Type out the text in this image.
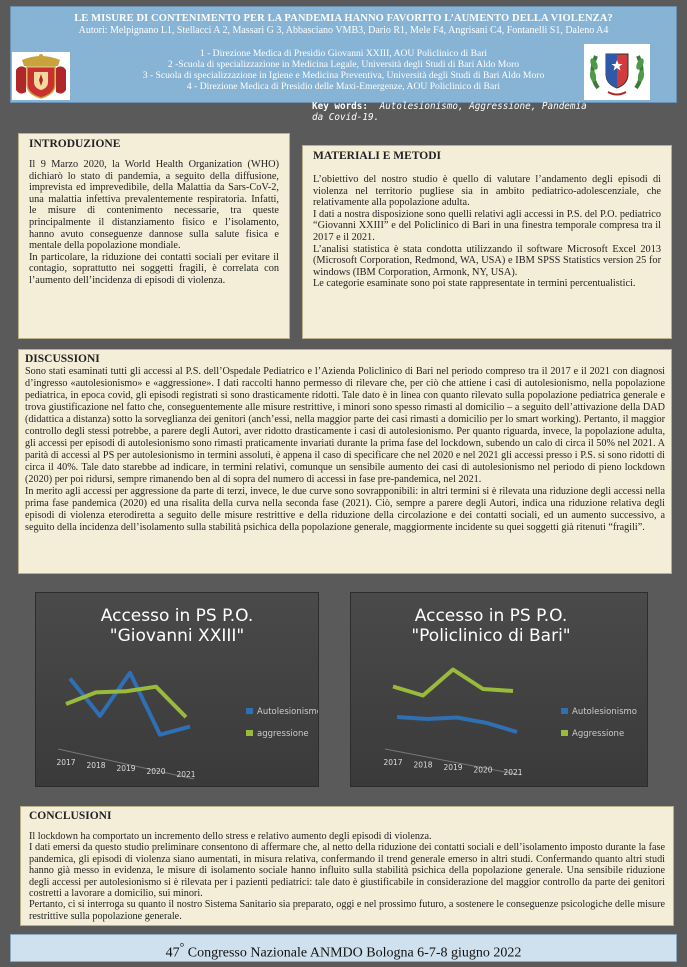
LE MISURE DI CONTENIMENTO PER LA PANDEMIA HANNO FAVORITO L’AUMENTO DELLA VIOLENZA?
Autori: Melpignano L1, Stellacci A 2, Massari G 3, Abbasciano VMB3, Dario R1, Mele F4, Angrisani C4, Fontanelli S1, Daleno A4
1 - Direzione Medica di Presidio Giovanni XXIII, AOU Policlinico di Bari
2 -Scuola di specializzazione in Medicina Legale, Università degli Studi di Bari Aldo Moro
3 - Scuola di specializzazione in Igiene e Medicina Preventiva, Università degli Studi di Bari Aldo Moro
4 - Direzione Medica di Presidio delle Maxi-Emergenze, AOU Policlinico di Bari
Key words: Autolesionismo, Aggressione, Pandemia da Covid-19.
INTRODUZIONE

Il 9 Marzo 2020, la World Health Organization (WHO) dichiarò lo stato di pandemia, a seguito della diffusione, imprevista ed imprevedibile, della Malattia da Sars-CoV-2, una malattia infettiva prevalentemente respiratoria. Infatti, le misure di contenimento necessarie, tra queste principalmente il distanziamento fisico e l’isolamento, hanno avuto conseguenze dannose sulla salute fisica e mentale della popolazione mondiale.

In particolare, la riduzione dei contatti sociali per evitare il contagio, soprattutto nei soggetti fragili, è correlata con l’aumento dell’incidenza di episodi di violenza.

MATERIALI E METODI

L’obiettivo del nostro studio è quello di valutare l’andamento degli episodi di violenza nel territorio pugliese sia in ambito pediatrico-adolescenziale, che relativamente alla popolazione adulta.

I dati a nostra disposizione sono quelli relativi agli accessi in P.S. del P.O. pediatrico “Giovanni XXIII” e del Policlinico di Bari in una finestra temporale compresa tra il 2017 e il 2021.

L’analisi statistica è stata condotta utilizzando il software Microsoft Excel 2013 (Microsoft Corporation, Redmond, WA, USA) e IBM SPSS Statistics version 25 for windows (IBM Corporation, Armonk, NY, USA).

Le categorie esaminate sono poi state rappresentate in termini percentualistici.

DISCUSSIONI

Sono stati esaminati tutti gli accessi al P.S. dell’Ospedale Pediatrico e l’Azienda Policlinico di Bari nel periodo compreso tra il 2017 e il 2021 con diagnosi d’ingresso «autolesionismo» e «aggressione». I dati raccolti hanno permesso di rilevare che, per ciò che attiene i casi di autolesionismo, nella popolazione pediatrica, in epoca covid, gli episodi registrati si sono drasticamente ridotti. Tale dato è in linea con quanto rilevato sulla popolazione pediatrica generale e trova giustificazione nel fatto che, conseguentemente alle misure restrittive, i minori sono spesso rimasti al domicilio – a seguito dell’attivazione della DAD (didattica a distanza) sotto la sorveglianza dei genitori (anch’essi, nella maggior parte dei casi rimasti a domicilio per lo smart working). Pertanto, il maggior controllo degli stessi potrebbe, a parere degli Autori, aver ridotto drasticamente i casi di autolesionismo. Per quanto riguarda, invece, la popolazione adulta, gli accessi per episodi di autolesionismo sono rimasti praticamente invariati durante la prima fase del lockdown, subendo un calo di circa il 50% nel 2021. A parità di accessi al PS per autolesionismo in termini assoluti, è appena il caso di specificare che nel 2020 e nel 2021 gli accessi presso i P.S. si sono ridotti di circa il 40%. Tale dato starebbe ad indicare, in termini relativi, comunque un sensibile aumento dei casi di autolesionismo nel periodo di pieno lockdown (2020) per poi ridursi, sempre rimanendo ben al di sopra del numero di accessi in fase pre-pandemica, nel 2021.

In merito agli accessi per aggressione da parte di terzi, invece, le due curve sono sovrapponibili: in altri termini si è rilevata una riduzione degli accessi nella prima fase pandemica (2020) ed una risalita della curva nella seconda fase (2021). Ciò, sempre a parere degli Autori, indica una riduzione relativa degli episodi di violenza eterodiretta a seguito delle misure restrittive e della riduzione della circolazione e dei contatti sociali, ed un aumento successivo, a seguito della incidenza dell’isolamento sulla stabilità psichica della popolazione generale, maggiormente incidente su quei soggetti già ritenuti “fragili”.

Accesso in PS P.O.
"Giovanni XXIII"
2017 2018 2019 2020 2021
Autolesionismo
aggressione
Accesso in PS P.O.
"Policlinico di Bari"
2017 2018 2019 2020 2021
Autolesionismo
Aggressione
CONCLUSIONI

Il lockdown ha comportato un incremento dello stress e relativo aumento degli episodi di violenza.

I dati emersi da questo studio preliminare consentono di affermare che, al netto della riduzione dei contatti sociali e dell’isolamento imposto durante la fase pandemica, gli episodi di violenza siano aumentati, in misura relativa, confermando il trend generale emerso in altri studi. Confermando quanto altri studi hanno già messo in evidenza, le misure di isolamento sociale hanno influito sulla stabilità psichica della popolazione generale. Una sensibile riduzione degli accessi per autolesionismo si è rilevata per i pazienti pediatrici: tale dato è giustificabile in considerazione del maggior controllo da parte dei genitori costretti a lavorare a domicilio, sui minori.

Pertanto, ci si interroga su quanto il nostro Sistema Sanitario sia preparato, oggi e nel prossimo futuro, a sostenere le conseguenze psicologiche delle misure restrittive sulla popolazione generale.

47° Congresso Nazionale ANMDO Bologna 6-7-8 giugno 2022
